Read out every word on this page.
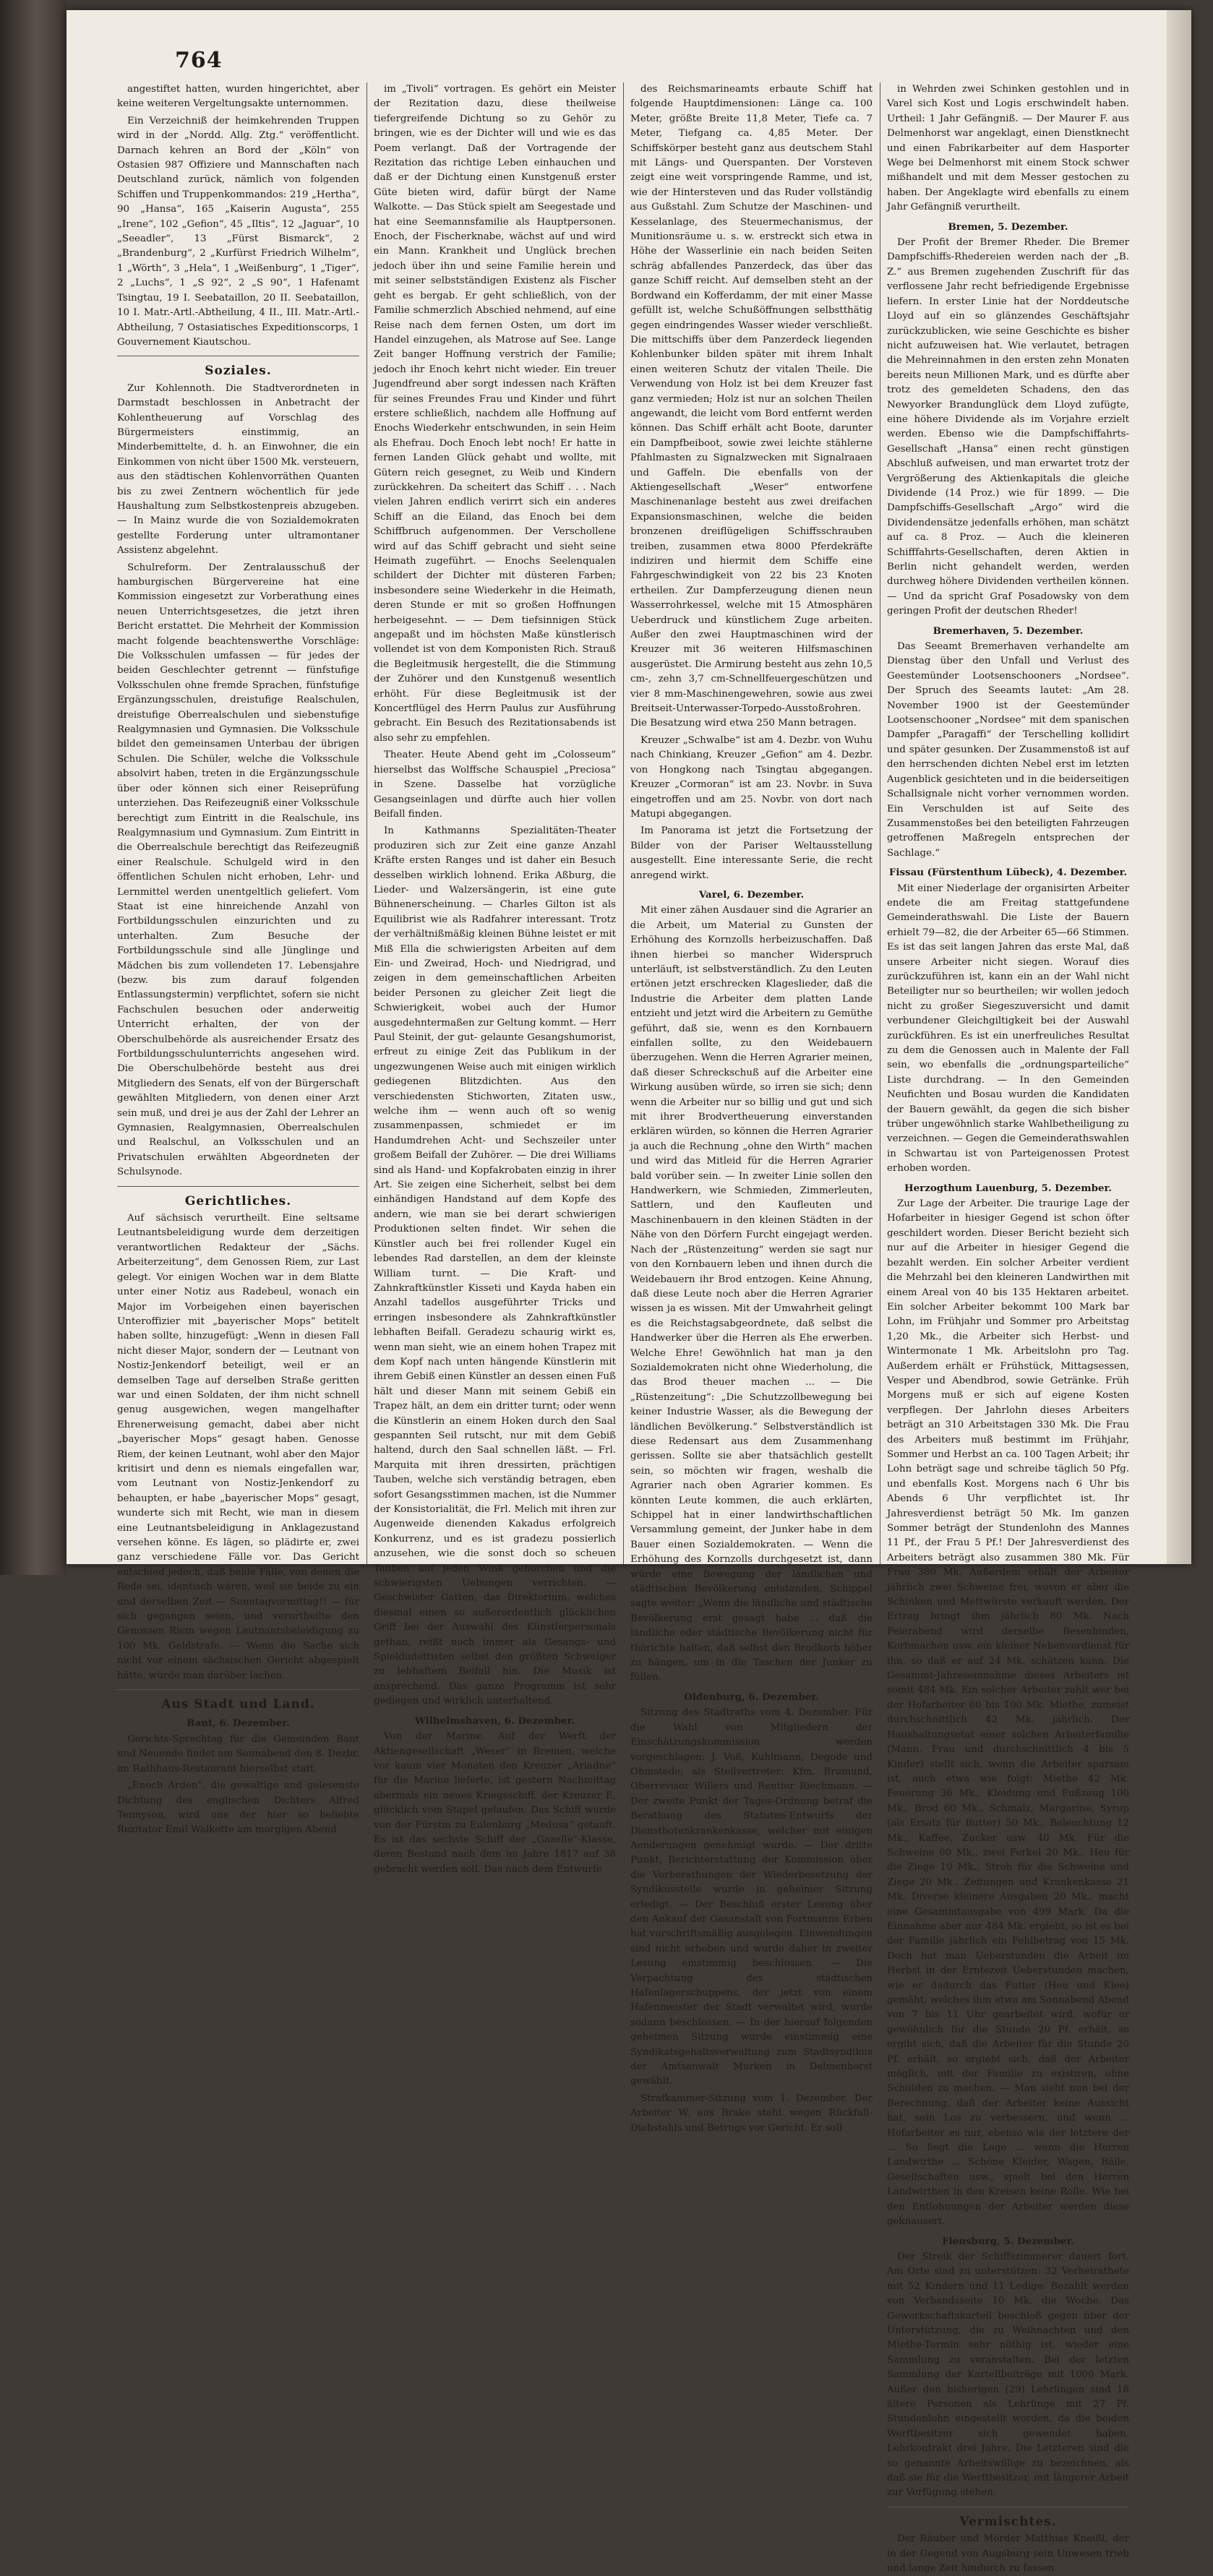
764

angestiftet hatten, wurden hingerichtet, aber keine weiteren Vergeltungsakte unternommen.

Ein Verzeichniß der heimkehrenden Truppen wird in der „Nordd. Allg. Ztg.“ veröffentlicht. Darnach kehren an Bord der „Köln“ von Ostasien 987 Offiziere und Mannschaften nach Deutschland zurück, nämlich von folgenden Schiffen und Truppenkommandos: 219 „Hertha“, 90 „Hansa“, 165 „Kaiserin Augusta“, 255 „Irene“, 102 „Gefion“, 45 „Iltis“, 12 „Jaguar“, 10 „Seeadler“, 13 „Fürst Bismarck“, 2 „Brandenburg“, 2 „Kurfürst Friedrich Wilhelm“, 1 „Wörth“, 3 „Hela“, 1 „Weißenburg“, 1 „Tiger“, 2 „Luchs“, 1 „S 92“, 2 „S 90“, 1 Hafenamt Tsingtau, 19 I. Seebataillon, 20 II. Seebataillon, 10 I. Matr.-Artl.-Abtheilung, 4 II., III. Matr.-Artl.-Abtheilung, 7 Ostasiatisches Expeditionscorps, 1 Gouvernement Kiautschou.

Soziales.

Zur Kohlennoth. Die Stadtverordneten in Darmstadt beschlossen in Anbetracht der Kohlentheuerung auf Vorschlag des Bürgermeisters einstimmig, an Minderbemittelte, d. h. an Einwohner, die ein Einkommen von nicht über 1500 Mk. versteuern, aus den städtischen Kohlenvorräthen Quanten bis zu zwei Zentnern wöchentlich für jede Haushaltung zum Selbstkostenpreis abzugeben. — In Mainz wurde die von Sozialdemokraten gestellte Forderung unter ultramontaner Assistenz abgelehnt.

Schulreform. Der Zentralausschuß der hamburgischen Bürgervereine hat eine Kommission eingesetzt zur Vorberathung eines neuen Unterrichtsgesetzes, die jetzt ihren Bericht erstattet. Die Mehrheit der Kommission macht folgende beachtenswerthe Vorschläge: Die Volksschulen umfassen — für jedes der beiden Geschlechter getrennt — fünfstufige Volksschulen ohne fremde Sprachen, fünfstufige Ergänzungsschulen, dreistufige Realschulen, dreistufige Oberrealschulen und siebenstufige Realgymnasien und Gymnasien. Die Volksschule bildet den gemeinsamen Unterbau der übrigen Schulen. Die Schüler, welche die Volksschule absolvirt haben, treten in die Ergänzungsschule über oder können sich einer Reiseprüfung unterziehen. Das Reifezeugniß einer Volksschule berechtigt zum Eintritt in die Realschule, ins Realgymnasium und Gymnasium. Zum Eintritt in die Oberrealschule berechtigt das Reifezeugniß einer Realschule. Schulgeld wird in den öffentlichen Schulen nicht erhoben, Lehr- und Lernmittel werden unentgeltlich geliefert. Vom Staat ist eine hinreichende Anzahl von Fortbildungsschulen einzurichten und zu unterhalten. Zum Besuche der Fortbildungsschule sind alle Jünglinge und Mädchen bis zum vollendeten 17. Lebensjahre (bezw. bis zum darauf folgenden Entlassungstermin) verpflichtet, sofern sie nicht Fachschulen besuchen oder anderweitig Unterricht erhalten, der von der Oberschulbehörde als ausreichender Ersatz des Fortbildungsschulunterrichts angesehen wird. Die Oberschulbehörde besteht aus drei Mitgliedern des Senats, elf von der Bürgerschaft gewählten Mitgliedern, von denen einer Arzt sein muß, und drei je aus der Zahl der Lehrer an Gymnasien, Realgymnasien, Oberrealschulen und Realschul, an Volksschulen und an Privatschulen erwählten Abgeordneten der Schulsynode.

Gerichtliches.

Auf sächsisch verurtheilt. Eine seltsame Leutnantsbeleidigung wurde dem derzeitigen verantwortlichen Redakteur der „Sächs. Arbeiterzeitung“, dem Genossen Riem, zur Last gelegt. Vor einigen Wochen war in dem Blatte unter einer Notiz aus Radebeul, wonach ein Major im Vorbeigehen einen bayerischen Unteroffizier mit „bayerischer Mops“ betitelt haben sollte, hinzugefügt: „Wenn in diesen Fall nicht dieser Major, sondern der — Leutnant von Nostiz-Jenkendorf beteiligt, weil er an demselben Tage auf derselben Straße geritten war und einen Soldaten, der ihm nicht schnell genug ausgewichen, wegen mangelhafter Ehrenerweisung gemacht, dabei aber nicht „bayerischer Mops“ gesagt haben. Genosse Riem, der keinen Leutnant, wohl aber den Major kritisirt und denn es niemals eingefallen war, vom Leutnant von Nostiz-Jenkendorf zu behaupten, er habe „bayerischer Mops“ gesagt, wunderte sich mit Recht, wie man in diesem eine Leutnantsbeleidigung in Anklagezustand versehen könne. Es lägen, so plädirte er, zwei ganz verschiedene Fälle vor. Das Gericht entschied jedoch, daß beide Fälle, von denen die Rede sei, identisch wären, weil sie beide zu ein und derselben Zeit — Sonntagvormittag!! — für sich gegangen seien, und verurtheilte den Genossen Riem wegen Leutnantsbeleidigung zu 100 Mk. Geldstrafe. — Wenn die Sache sich nicht vor einem sächsischen Gericht abgespielt hätte, würde man darüber lachen.

Aus Stadt und Land.
Bant, 6. Dezember.

Gerichts-Sprechtag für die Gemeinden Bant und Neuende findet am Sonnabend den 8. Dezbr. im Rathhaus-Restaurant hierselbst statt.

„Enoch Arden“, die gewaltige und gelesenste Dichtung des englischen Dichters Alfred Tennyson, wird uns der hier so beliebte Rezitator Emil Walkotte am morgigen Abend

im „Tivoli“ vortragen. Es gehört ein Meister der Rezitation dazu, diese theilweise tiefergreifende Dichtung so zu Gehör zu bringen, wie es der Dichter will und wie es das Poem verlangt. Daß der Vortragende der Rezitation das richtige Leben einhauchen und daß er der Dichtung einen Kunstgenuß erster Güte bieten wird, dafür bürgt der Name Walkotte. — Das Stück spielt am Seegestade und hat eine Seemannsfamilie als Hauptpersonen. Enoch, der Fischerknabe, wächst auf und wird ein Mann. Krankheit und Unglück brechen jedoch über ihn und seine Familie herein und mit seiner selbstständigen Existenz als Fischer geht es bergab. Er geht schließlich, von der Familie schmerzlich Abschied nehmend, auf eine Reise nach dem fernen Osten, um dort im Handel einzugehen, als Matrose auf See. Lange Zeit banger Hoffnung verstrich der Familie; jedoch ihr Enoch kehrt nicht wieder. Ein treuer Jugendfreund aber sorgt indessen nach Kräften für seines Freundes Frau und Kinder und führt erstere schließlich, nachdem alle Hoffnung auf Enochs Wiederkehr entschwunden, in sein Heim als Ehefrau. Doch Enoch lebt noch! Er hatte in fernen Landen Glück gehabt und wollte, mit Gütern reich gesegnet, zu Weib und Kindern zurückkehren. Da scheitert das Schiff . . . Nach vielen Jahren endlich verirrt sich ein anderes Schiff an die Eiland, das Enoch bei dem Schiffbruch aufgenommen. Der Verschollene wird auf das Schiff gebracht und sieht seine Heimath zugeführt. — Enochs Seelenqualen schildert der Dichter mit düsteren Farben; insbesondere seine Wiederkehr in die Heimath, deren Stunde er mit so großen Hoffnungen herbeigesehnt. — — Dem tiefsinnigen Stück angepaßt und im höchsten Maße künstlerisch vollendet ist von dem Komponisten Rich. Strauß die Begleitmusik hergestellt, die die Stimmung der Zuhörer und den Kunstgenuß wesentlich erhöht. Für diese Begleitmusik ist der Koncertflügel des Herrn Paulus zur Ausführung gebracht. Ein Besuch des Rezitationsabends ist also sehr zu empfehlen.

Theater. Heute Abend geht im „Colosseum“ hierselbst das Wolffsche Schauspiel „Preciosa“ in Szene. Dasselbe hat vorzügliche Gesangseinlagen und dürfte auch hier vollen Beifall finden.

In Kathmanns Spezialitäten-Theater produziren sich zur Zeit eine ganze Anzahl Kräfte ersten Ranges und ist daher ein Besuch desselben wirklich lohnend. Erika Aßburg, die Lieder- und Walzersängerin, ist eine gute Bühnenerscheinung. — Charles Gilton ist als Equilibrist wie als Radfahrer interessant. Trotz der verhältnißmäßig kleinen Bühne leistet er mit Miß Ella die schwierigsten Arbeiten auf dem Ein- und Zweirad, Hoch- und Niedrigrad, und zeigen in dem gemeinschaftlichen Arbeiten beider Personen zu gleicher Zeit liegt die Schwierigkeit, wobei auch der Humor ausgedehntermaßen zur Geltung kommt. — Herr Paul Steinit, der gut- gelaunte Gesangshumorist, erfreut zu einige Zeit das Publikum in der ungezwungenen Weise auch mit einigen wirklich gediegenen Blitzdichten. Aus den verschiedensten Stichworten, Zitaten usw., welche ihm — wenn auch oft so wenig zusammenpassen, schmiedet er im Handumdrehen Acht- und Sechszeiler unter großem Beifall der Zuhörer. — Die drei Williams sind als Hand- und Kopfakrobaten einzig in ihrer Art. Sie zeigen eine Sicherheit, selbst bei dem einhändigen Handstand auf dem Kopfe des andern, wie man sie bei derart schwierigen Produktionen selten findet. Wir sehen die Künstler auch bei frei rollender Kugel ein lebendes Rad darstellen, an dem der kleinste William turnt. — Die Kraft- und Zahnkraftkünstler Kisseti und Kayda haben ein Anzahl tadellos ausgeführter Tricks und erringen insbesondere als Zahnkraftkünstler lebhaften Beifall. Geradezu schaurig wirkt es, wenn man sieht, wie an einem hohen Trapez mit dem Kopf nach unten hängende Künstlerin mit ihrem Gebiß einen Künstler an dessen einen Fuß hält und dieser Mann mit seinem Gebiß ein Trapez hält, an dem ein dritter turnt; oder wenn die Künstlerin an einem Hoken durch den Saal gespannten Seil rutscht, nur mit dem Gebiß haltend, durch den Saal schnellen läßt. — Frl. Marquita mit ihren dressirten, prächtigen Tauben, welche sich verständig betragen, eben sofort Gesangsstimmen machen, ist die Nummer der Konsistorialität, die Frl. Melich mit ihren zur Augenweide dienenden Kakadus erfolgreich Konkurrenz, und es ist gradezu possierlich anzusehen, wie die sonst doch so scheuen Tauben auf jeden Wink gehorchen und die schwierigsten Uebungen verrichten. — Geschwister Gatten, das Direktorium, welches diesmal einen so außerordentlich glücklichen Griff bei der Auswahl des Künstlerpersonals gethan, reißt noch immer als Gesangs- und Spieldudettisten selbst den größten Schweiger zu lebhaftem Beifall hin. Die Musik ist ansprechend. Das ganze Programm ist sehr gediegen und wirklich unterhaltend.

Wilhelmshaven, 6. Dezember.

Von der Marine. Auf der Werft der Aktiengesellschaft „Weser“ in Bremen, welche vor kaum vier Monaten den Kreuzer „Ariadne“ für die Marine lieferte, ist gestern Nachmittag abermals ein neues Kriegsschiff, der Kreuzer E, glücklich vom Stapel gelaufen. Das Schiff wurde von der Fürstin zu Eulenburg „Medusa“ getauft. Es ist das sechste Schiff der „Gazelle“-Klasse, deren Bestand nach dem im Jahre 1817 auf 38 gebracht werden soll. Das nach dem Entwurfe

des Reichsmarineamts erbaute Schiff hat folgende Hauptdimensionen: Länge ca. 100 Meter, größte Breite 11,8 Meter, Tiefe ca. 7 Meter, Tiefgang ca. 4,85 Meter. Der Schiffskörper besteht ganz aus deutschem Stahl mit Längs- und Querspanten. Der Vorsteven zeigt eine weit vorspringende Ramme, und ist, wie der Hintersteven und das Ruder vollständig aus Gußstahl. Zum Schutze der Maschinen- und Kesselanlage, des Steuermechanismus, der Munitionsräume u. s. w. erstreckt sich etwa in Höhe der Wasserlinie ein nach beiden Seiten schräg abfallendes Panzerdeck, das über das ganze Schiff reicht. Auf demselben steht an der Bordwand ein Kofferdamm, der mit einer Masse gefüllt ist, welche Schußöffnungen selbstthätig gegen eindringendes Wasser wieder verschließt. Die mittschiffs über dem Panzerdeck liegenden Kohlenbunker bilden später mit ihrem Inhalt einen weiteren Schutz der vitalen Theile. Die Verwendung von Holz ist bei dem Kreuzer fast ganz vermieden; Holz ist nur an solchen Theilen angewandt, die leicht vom Bord entfernt werden können. Das Schiff erhält acht Boote, darunter ein Dampfbeiboot, sowie zwei leichte stählerne Pfahlmasten zu Signalzwecken mit Signalraaen und Gaffeln. Die ebenfalls von der Aktiengesellschaft „Weser“ entworfene Maschinenanlage besteht aus zwei dreifachen Expansionsmaschinen, welche die beiden bronzenen dreiflügeligen Schiffsschrauben treiben, zusammen etwa 8000 Pferdekräfte indiziren und hiermit dem Schiffe eine Fahrgeschwindigkeit von 22 bis 23 Knoten ertheilen. Zur Dampferzeugung dienen neun Wasserrohrkessel, welche mit 15 Atmosphären Ueberdruck und künstlichem Zuge arbeiten. Außer den zwei Hauptmaschinen wird der Kreuzer mit 36 weiteren Hilfsmaschinen ausgerüstet. Die Armirung besteht aus zehn 10,5 cm-, zehn 3,7 cm-Schnellfeuergeschützen und vier 8 mm-Maschinengewehren, sowie aus zwei Breitseit-Unterwasser-Torpedo-Ausstoßrohren. Die Besatzung wird etwa 250 Mann betragen.

Kreuzer „Schwalbe“ ist am 4. Dezbr. von Wuhu nach Chinkiang, Kreuzer „Gefion“ am 4. Dezbr. von Hongkong nach Tsingtau abgegangen. Kreuzer „Cormoran“ ist am 23. Novbr. in Suva eingetroffen und am 25. Novbr. von dort nach Matupi abgegangen.

Im Panorama ist jetzt die Fortsetzung der Bilder von der Pariser Weltausstellung ausgestellt. Eine interessante Serie, die recht anregend wirkt.

Varel, 6. Dezember.

Mit einer zähen Ausdauer sind die Agrarier an die Arbeit, um Material zu Gunsten der Erhöhung des Kornzolls herbeizuschaffen. Daß ihnen hierbei so mancher Widerspruch unterläuft, ist selbstverständlich. Zu den Leuten ertönen jetzt erschrecken Klageslieder, daß die Industrie die Arbeiter dem platten Lande entzieht und jetzt wird die Arbeitern zu Gemüthe geführt, daß sie, wenn es den Kornbauern einfallen sollte, zu den Weidebauern überzugehen. Wenn die Herren Agrarier meinen, daß dieser Schreckschuß auf die Arbeiter eine Wirkung ausüben würde, so irren sie sich; denn wenn die Arbeiter nur so billig und gut und sich mit ihrer Brodvertheuerung einverstanden erklären würden, so können die Herren Agrarier ja auch die Rechnung „ohne den Wirth“ machen und wird das Mitleid für die Herren Agrarier bald vorüber sein. — In zweiter Linie sollen den Handwerkern, wie Schmieden, Zimmerleuten, Sattlern, und den Kaufleuten und Maschinenbauern in den kleinen Städten in der Nähe von den Dörfern Furcht eingejagt werden. Nach der „Rüstenzeitung“ werden sie sagt nur von den Kornbauern leben und ihnen durch die Weidebauern ihr Brod entzogen. Keine Ahnung, daß diese Leute noch aber die Herren Agrarier wissen ja es wissen. Mit der Umwahrheit gelingt es die Reichstagsabgeordnete, daß selbst die Handwerker über die Herren als Ehe erwerben. Welche Ehre! Gewöhnlich hat man ja den Sozialdemokraten nicht ohne Wiederholung, die das Brod theuer machen ... — Die „Rüstenzeitung“: „Die Schutzzollbewegung bei keiner Industrie Wasser, als die Bewegung der ländlichen Bevölkerung.“ Selbstverständlich ist diese Redensart aus dem Zusammenhang gerissen. Sollte sie aber thatsächlich gestellt sein, so möchten wir fragen, weshalb die Agrarier nach oben Agrarier kommen. Es könnten Leute kommen, die auch erklärten, Schippel hat in einer landwirthschaftlichen Versammlung gemeint, der Junker habe in dem Bauer einen Sozialdemokraten. — Wenn die Erhöhung des Kornzolls durchgesetzt ist, dann würde eine Bewegung der ländlichen und städtischen Bevölkerung entstanden. Schippel sagte weiter: „Wenn die ländliche und städtische Bevölkerung erst gesagt habe ... daß die ländliche oder städtische Bevölkerung nicht für thörichte halten, daß selbst den Brodkorb höher zu hängen, um in die Taschen der Junker zu füllen.

Oldenburg, 6. Dezember.

Sitzung des Stadtraths vom 4. Dezember. Für die Wahl von Mitgliedern der Einschätzungskommission werden vorgeschlagen: J. Voß, Kuhlmann, Degode und Ohmstede; als Stellvertreter: Kfm. Brumund, Oberrevisor Willers und Rentier Riechmann. — Der zweite Punkt der Tages-Ordnung betraf die Berathung des Statuten-Entwurfs der Dienstbotenkrankenkasse, welcher mit einigen Aenderungen genehmigt wurde. — Der dritte Punkt, Berichterstattung der Kommission über die Vorberathungen der Wiederbesetzung der Syndikusstelle wurde in geheimer Sitzung erledigt. — Der Beschluß erster Lesung über den Ankauf der Gasanstalt von Fortmanns Erben hat vorschriftsmäßig ausgelegen. Einwendungen sind nicht erhoben und wurde daher in zweiter Lesung einstimmig beschlossen. — Die Verpachtung des städtischen Hafenlagerschuppens, der jetzt von einem Hafenmeister der Stadt verwaltet wird, wurde sodann beschlossen. — In der hierauf folgenden geheimen Sitzung wurde einstimmig eine Syndikatsgehaltsverwaltung zum Stadtsyndikus der Amtsanwalt Murken in Delmenhorst gewählt.

Strafkammer-Sitzung vom 1. Dezember. Der Arbeiter W. aus Brake steht wegen Rückfall-Diebstahls und Betrugs vor Gericht. Er soll

in Wehrden zwei Schinken gestohlen und in Varel sich Kost und Logis erschwindelt haben. Urtheil: 1 Jahr Gefängniß. — Der Maurer F. aus Delmenhorst war angeklagt, einen Dienstknecht und einen Fabrikarbeiter auf dem Hasporter Wege bei Delmenhorst mit einem Stock schwer mißhandelt und mit dem Messer gestochen zu haben. Der Angeklagte wird ebenfalls zu einem Jahr Gefängniß verurtheilt.

Bremen, 5. Dezember.

Der Profit der Bremer Rheder. Die Bremer Dampfschiffs-Rhedereien werden nach der „B. Z.“ aus Bremen zugehenden Zuschrift für das verflossene Jahr recht befriedigende Ergebnisse liefern. In erster Linie hat der Norddeutsche Lloyd auf ein so glänzendes Geschäftsjahr zurückzublicken, wie seine Geschichte es bisher nicht aufzuweisen hat. Wie verlautet, betragen die Mehreinnahmen in den ersten zehn Monaten bereits neun Millionen Mark, und es dürfte aber trotz des gemeldeten Schadens, den das Newyorker Brandunglück dem Lloyd zufügte, eine höhere Dividende als im Vorjahre erzielt werden. Ebenso wie die Dampfschiffahrts-Gesellschaft „Hansa“ einen recht günstigen Abschluß aufweisen, und man erwartet trotz der Vergrößerung des Aktienkapitals die gleiche Dividende (14 Proz.) wie für 1899. — Die Dampfschiffs-Gesellschaft „Argo“ wird die Dividendensätze jedenfalls erhöhen, man schätzt auf ca. 8 Proz. — Auch die kleineren Schifffahrts-Gesellschaften, deren Aktien in Berlin nicht gehandelt werden, werden durchweg höhere Dividenden vertheilen können. — Und da spricht Graf Posadowsky von dem geringen Profit der deutschen Rheder!

Bremerhaven, 5. Dezember.

Das Seeamt Bremerhaven verhandelte am Dienstag über den Unfall und Verlust des Geestemünder Lootsenschooners „Nordsee“. Der Spruch des Seeamts lautet: „Am 28. November 1900 ist der Geestemünder Lootsenschooner „Nordsee“ mit dem spanischen Dampfer „Paragaffi“ der Terschelling kollidirt und später gesunken. Der Zusammenstoß ist auf den herrschenden dichten Nebel erst im letzten Augenblick gesichteten und in die beiderseitigen Schallsignale nicht vorher vernommen worden. Ein Verschulden ist auf Seite des Zusammenstoßes bei den beteiligten Fahrzeugen getroffenen Maßregeln entsprechen der Sachlage.“

Fissau (Fürstenthum Lübeck), 4. Dezember.

Mit einer Niederlage der organisirten Arbeiter endete die am Freitag stattgefundene Gemeinderathswahl. Die Liste der Bauern erhielt 79—82, die der Arbeiter 65—66 Stimmen. Es ist das seit langen Jahren das erste Mal, daß unsere Arbeiter nicht siegen. Worauf dies zurückzuführen ist, kann ein an der Wahl nicht Beteiligter nur so beurtheilen; wir wollen jedoch nicht zu großer Siegeszuversicht und damit verbundener Gleichgiltigkeit bei der Auswahl zurückführen. Es ist ein unerfreuliches Resultat zu dem die Genossen auch in Malente der Fall sein, wo ebenfalls die „ordnungsparteiliche“ Liste durchdrang. — In den Gemeinden Neufichten und Bosau wurden die Kandidaten der Bauern gewählt, da gegen die sich bisher trüber ungewöhnlich starke Wahlbetheiligung zu verzeichnen. — Gegen die Gemeinderathswahlen in Schwartau ist von Parteigenossen Protest erhoben worden.

Herzogthum Lauenburg, 5. Dezember.

Zur Lage der Arbeiter. Die traurige Lage der Hofarbeiter in hiesiger Gegend ist schon öfter geschildert worden. Dieser Bericht bezieht sich nur auf die Arbeiter in hiesiger Gegend die bezahlt werden. Ein solcher Arbeiter verdient die Mehrzahl bei den kleineren Landwirthen mit einem Areal von 40 bis 135 Hektaren arbeitet. Ein solcher Arbeiter bekommt 100 Mark bar Lohn, im Frühjahr und Sommer pro Arbeitstag 1,20 Mk., die Arbeiter sich Herbst- und Wintermonate 1 Mk. Arbeitslohn pro Tag. Außerdem erhält er Frühstück, Mittagsessen, Vesper und Abendbrod, sowie Getränke. Früh Morgens muß er sich auf eigene Kosten verpflegen. Der Jahrlohn dieses Arbeiters beträgt an 310 Arbeitstagen 330 Mk. Die Frau des Arbeiters muß bestimmt im Frühjahr, Sommer und Herbst an ca. 100 Tagen Arbeit; ihr Lohn beträgt sage und schreibe täglich 50 Pfg. und ebenfalls Kost. Morgens nach 6 Uhr bis Abends 6 Uhr verpflichtet ist. Ihr Jahresverdienst beträgt 50 Mk. Im ganzen Sommer beträgt der Stundenlohn des Mannes 11 Pf., der Frau 5 Pf.! Der Jahresverdienst des Arbeiters beträgt also zusammen 380 Mk. Für Frau 380 Mk. Außerdem erhält der Arbeiter jährlich zwei Schweine frei, wovon er aber die Schinken und Mettwürste verkauft werden. Der Ertrag bringt ihm jährlich 80 Mk. Nach Feierabend wird derselbe Besenbinden, Korbmachen usw. ein kleiner Nebenverdienst für ihn, so daß er auf 24 Mk. schätzen kann. Die Gesammt-Jahreseinnahme dieses Arbeiters ist somit 484 Mk. Ein solcher Arbeiter zahlt wer bei der Hofarbeiter 60 bis 100 Mk. Miethe, zumeist durchschnittlich 42 Mk. jährlich. Der Haushaltungsetat einer solchen Arbeiterfamilie (Mann, Frau und durchschnittlich 4 bis 5 Kinder) stellt sich, wenn die Arbeiter sparsam ist, auch etwa wie folgt: Miethe 42 Mk. Feuerung 36 Mk., Kleidung und Fußzeug 100 Mk., Brod 60 Mk., Schmalz, Margarine, Syrup (als Ersatz für Butter) 50 Mk., Beleuchtung 12 Mk., Kaffee, Zucker usw. 40 Mk. Für die Schweine 60 Mk., zwei Ferkel 20 Mk., Heu für die Ziege 10 Mk., Stroh für die Schweine und Ziege 20 Mk., Zeitungen und Krankenkasse 21 Mk. Diverse kleinere Ausgaben 20 Mk., macht eine Gesammtausgabe von 499 Mark. Da die Einnahme aber nur 484 Mk. ergiebt, so ist es bei der Familie jährlich ein Fehlbetrag von 15 Mk. Doch hat man Ueberstunden die Arbeit im Herbst in der Erntezeit Ueberstunden machen, wie er dadurch das Futter (Heu und Klee) gemäht, welches ihm etwa am Sonnabend Abend von 7 bis 11 Uhr gearbeitet wird, wofür er gewöhnlich für die Stunde 20 Pf. erhält, so ergibt sich, daß die Arbeiter für die Stunde 20 Pf. erhält, so ergiebt sich, daß der Arbeiter möglich, mit der Familie zu existiren, ohne Schulden zu machen. — Man sieht nun bei der Berechnung, daß der Arbeiter keine Aussicht hat, sein Los zu verbessern, und wenn ... Hofarbeiter es nur, ebenso wie der letztere der ... So liegt die Lage ... wenn die Herren Landwirthe ... Schöne Kleider, Wagen, Bälle, Gesellschaften usw., spielt bei den Herren Landwirthen in den Kreisen keine Rolle. Wie bei den Entlohnungen der Arbeiter werden diese geknausert.

Flensburg, 5. Dezember.

Der Streik der Schiffszimmerer dauert fort. Am Orte sind zu unterstützen: 32 Verheirathete mit 52 Kindern und 11 Ledige. Bezahlt werden von Verbandsseite 10 Mk. die Woche. Das Gewerkschaftskartell beschloß gegen über der Unterstützung, die zu Weihnachten und den Miethe-Termin sehr nöthig ist, wieder eine Sammlung zu veranstalten. Bei der letzten Sammlung der Kartellbeiträge mit 1000 Mark. Außer den bisherigen (29) Lehrlingen sind 18 ältere Personen als Lehrlinge mit 27 Pf. Stundenlohn eingestellt worden, da die beiden Werftbesitzer sich gewendet haben. Lehrkontrakt drei Jahre. Die Letzteren sind die so genannte Arbeitswillige zu bezeichnen, als daß sie für die Werftbesitzer, mit längerer Arbeit zur Verfügung stehen.

Vermischtes.

Der Räuber und Mörder Matthias Kneißl, der in der Gegend von Augsburg sein Unwesen trieb und lange Zeit hindurch zu fassen
